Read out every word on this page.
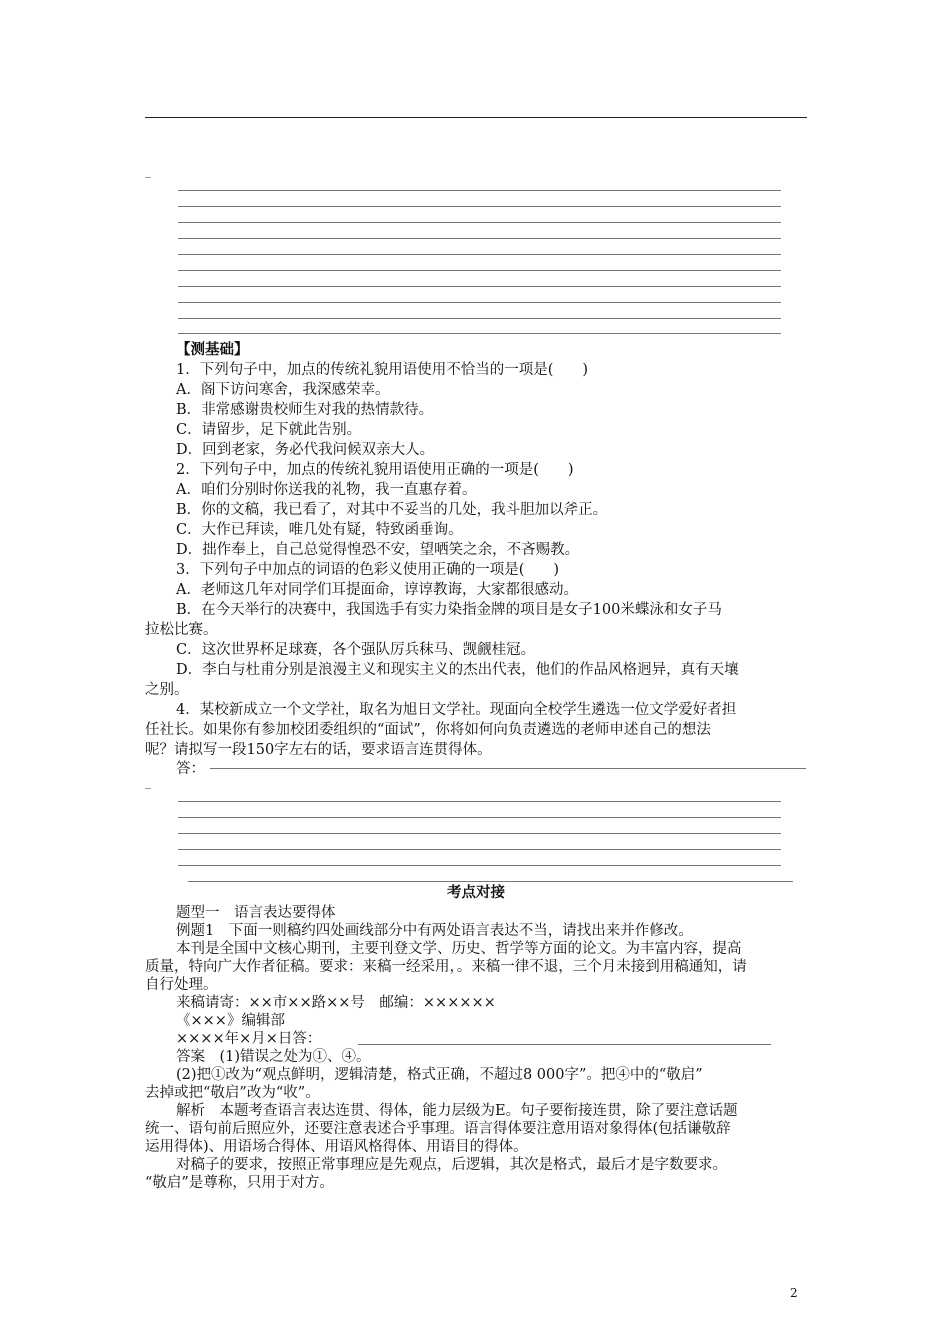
_
【测基础】
1．下列句子中，加点的传统礼貌用语使用不恰当的一项是(　　)
A．阁下访问寒舍，我深感荣幸。
B．非常感谢贵校师生对我的热情款待。
C．请留步，足下就此告别。
D．回到老家，务必代我问候双亲大人。
2．下列句子中，加点的传统礼貌用语使用正确的一项是(　　)
A．咱们分别时你送我的礼物，我一直惠存着。
B．你的文稿，我已看了，对其中不妥当的几处，我斗胆加以斧正。
C．大作已拜读，唯几处有疑，特致函垂询。
D．拙作奉上，自己总觉得惶恐不安，望哂笑之余，不吝赐教。
3．下列句子中加点的词语的色彩义使用正确的一项是(　　)
A．老师这几年对同学们耳提面命，谆谆教诲，大家都很感动。
B．在今天举行的决赛中，我国选手有实力染指金牌的项目是女子100米蝶泳和女子马
拉松比赛。
C．这次世界杯足球赛，各个强队厉兵秣马、觊觎桂冠。
D．李白与杜甫分别是浪漫主义和现实主义的杰出代表，他们的作品风格迥异，真有天壤
之别。
4．某校新成立一个文学社，取名为旭日文学社。现面向全校学生遴选一位文学爱好者担
任社长。如果你有参加校团委组织的“面试”，你将如何向负责遴选的老师申述自己的想法
呢？请拟写一段150字左右的话，要求语言连贯得体。
答：
_
考点对接
题型一　语言表达要得体
例题1　下面一则稿约四处画线部分中有两处语言表达不当，请找出来并作修改。
本刊是全国中文核心期刊，主要刊登文学、历史、哲学等方面的论文。为丰富内容，提高
质量，特向广大作者征稿。要求：来稿一经采用，。来稿一律不退，三个月未接到用稿通知，请
自行处理。
来稿请寄：××市××路××号　邮编：××××××
《×××》编辑部
××××年×月×日答：
答案　(1)错误之处为①、④。
(2)把①改为“观点鲜明，逻辑清楚，格式正确，不超过8 000字”。把④中的“敬启”
去掉或把“敬启”改为“收”。
解析　本题考查语言表达连贯、得体，能力层级为E。句子要衔接连贯，除了要注意话题
统一、语句前后照应外，还要注意表述合乎事理。语言得体要注意用语对象得体(包括谦敬辞
运用得体)、用语场合得体、用语风格得体、用语目的得体。
对稿子的要求，按照正常事理应是先观点，后逻辑，其次是格式，最后才是字数要求。
“敬启”是尊称，只用于对方。
2
